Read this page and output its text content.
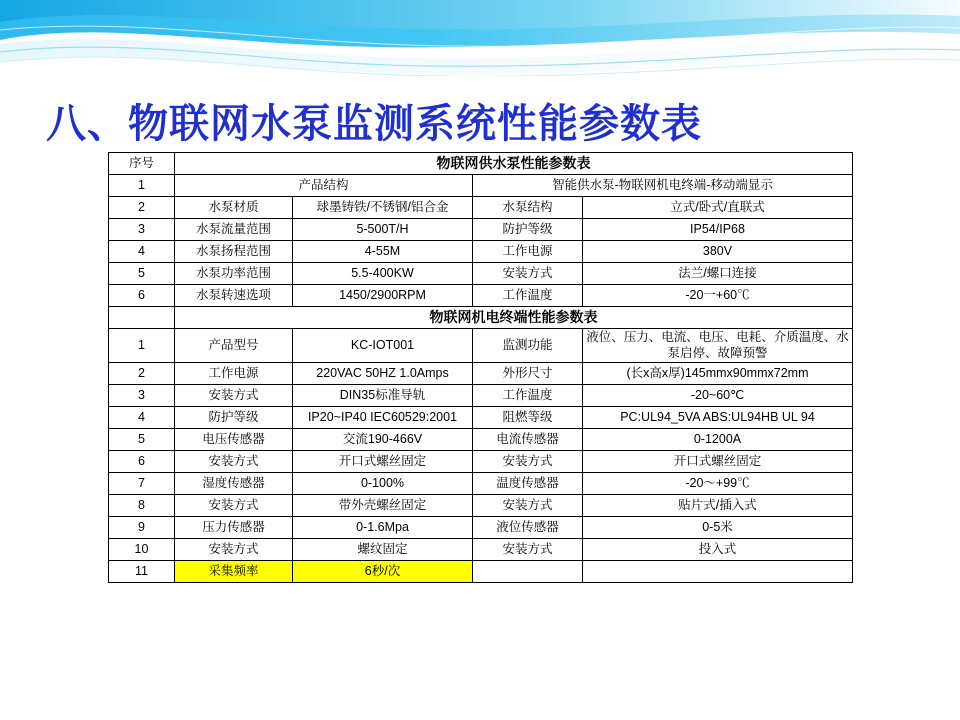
八、物联网水泵监测系统性能参数表
序号	物联网供水泵性能参数表			
1	产品结构		智能供水泵-物联网机电终端-移动端显示	
2	水泵材质	球墨铸铁/不锈钢/铝合金	水泵结构	立式/卧式/直联式
3	水泵流量范围	5-500T/H	防护等级	IP54/IP68
4	水泵扬程范围	4-55M	工作电源	380V
5	水泵功率范围	5.5-400KW	安装方式	法兰/螺口连接
6	水泵转速选项	1450/2900RPM	工作温度	-20一+60℃
	物联网机电终端性能参数表			
1	产品型号	KC-IOT001	监测功能	液位、压力、电流、电压、电耗、介质温度、水泵启停、故障预警
2	工作电源	220VAC 50HZ 1.0Amps	外形尺寸	(长x高x厚)145mmx90mmx72mm
3	安装方式	DIN35标准导轨	工作温度	-20~60℃
4	防护等级	IP20~IP40 IEC60529:2001	阻燃等级	PC:UL94_5VA ABS:UL94HB UL 94
5	电压传感器	交流190-466V	电流传感器	0-1200A
6	安装方式	开口式螺丝固定	安装方式	开口式螺丝固定
7	湿度传感器	0-100%	温度传感器	-20～+99℃
8	安装方式	带外壳螺丝固定	安装方式	贴片式/插入式
9	压力传感器	0-1.6Mpa	液位传感器	0-5米
10	安装方式	螺纹固定	安装方式	投入式
11	采集频率	6秒/次		
